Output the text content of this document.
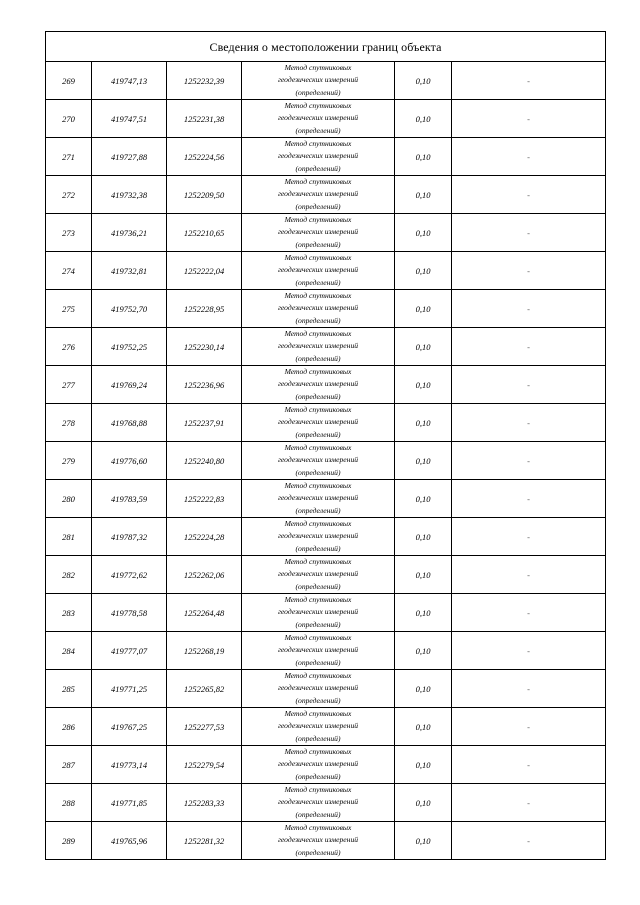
Сведения о местоположении границ объекта					
269	419747,13	1252232,39	Метод спутниковых
геодезических измерений
(определений)	0,10	-
270	419747,51	1252231,38	Метод спутниковых
геодезических измерений
(определений)	0,10	-
271	419727,88	1252224,56	Метод спутниковых
геодезических измерений
(определений)	0,10	-
272	419732,38	1252209,50	Метод спутниковых
геодезических измерений
(определений)	0,10	-
273	419736,21	1252210,65	Метод спутниковых
геодезических измерений
(определений)	0,10	-
274	419732,81	1252222,04	Метод спутниковых
геодезических измерений
(определений)	0,10	-
275	419752,70	1252228,95	Метод спутниковых
геодезических измерений
(определений)	0,10	-
276	419752,25	1252230,14	Метод спутниковых
геодезических измерений
(определений)	0,10	-
277	419769,24	1252236,96	Метод спутниковых
геодезических измерений
(определений)	0,10	-
278	419768,88	1252237,91	Метод спутниковых
геодезических измерений
(определений)	0,10	-
279	419776,60	1252240,80	Метод спутниковых
геодезических измерений
(определений)	0,10	-
280	419783,59	1252222,83	Метод спутниковых
геодезических измерений
(определений)	0,10	-
281	419787,32	1252224,28	Метод спутниковых
геодезических измерений
(определений)	0,10	-
282	419772,62	1252262,06	Метод спутниковых
геодезических измерений
(определений)	0,10	-
283	419778,58	1252264,48	Метод спутниковых
геодезических измерений
(определений)	0,10	-
284	419777,07	1252268,19	Метод спутниковых
геодезических измерений
(определений)	0,10	-
285	419771,25	1252265,82	Метод спутниковых
геодезических измерений
(определений)	0,10	-
286	419767,25	1252277,53	Метод спутниковых
геодезических измерений
(определений)	0,10	-
287	419773,14	1252279,54	Метод спутниковых
геодезических измерений
(определений)	0,10	-
288	419771,85	1252283,33	Метод спутниковых
геодезических измерений
(определений)	0,10	-
289	419765,96	1252281,32	Метод спутниковых
геодезических измерений
(определений)	0,10	-
